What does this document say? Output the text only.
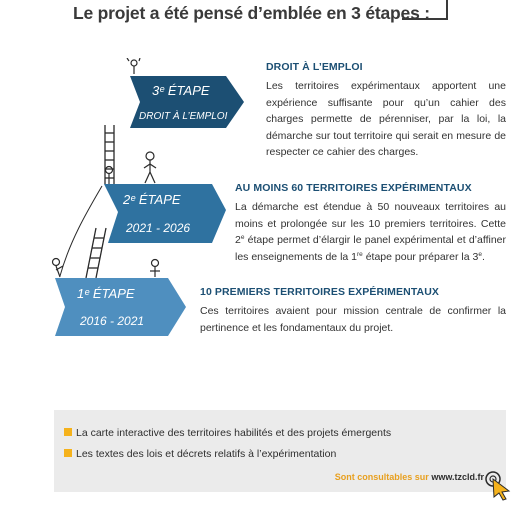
Le projet a été pensé d’emblée en 3 étapes :
3ᵉ ÉTAPE
DROIT À L’EMPLOI
2ᵉ ÉTAPE
2021 - 2026
1ᵉ ÉTAPE
2016 - 2021
DROIT À L’EMPLOI
Les territoires expérimentaux apportent une expérience suffisante pour qu’un cahier des charges permette de pérenniser, par la loi, la démarche sur tout territoire qui serait en mesure de respecter ce cahier des charges.
AU MOINS 60 TERRITOIRES EXPÉRIMENTAUX
La démarche est étendue à 50 nouveaux territoires au moins et prolongée sur les 10 premiers territoires. Cette 2e étape permet d’élargir le panel expérimental et d’affiner les enseignements de la 1re étape pour préparer la 3e.
10 PREMIERS TERRITOIRES EXPÉRIMENTAUX
Ces territoires avaient pour mission centrale de confirmer la pertinence et les fondamentaux du projet.
La carte interactive des territoires habilités et des projets émergents
Les textes des lois et décrets relatifs à l’expérimentation
Sont consultables sur www.tzcld.fr
